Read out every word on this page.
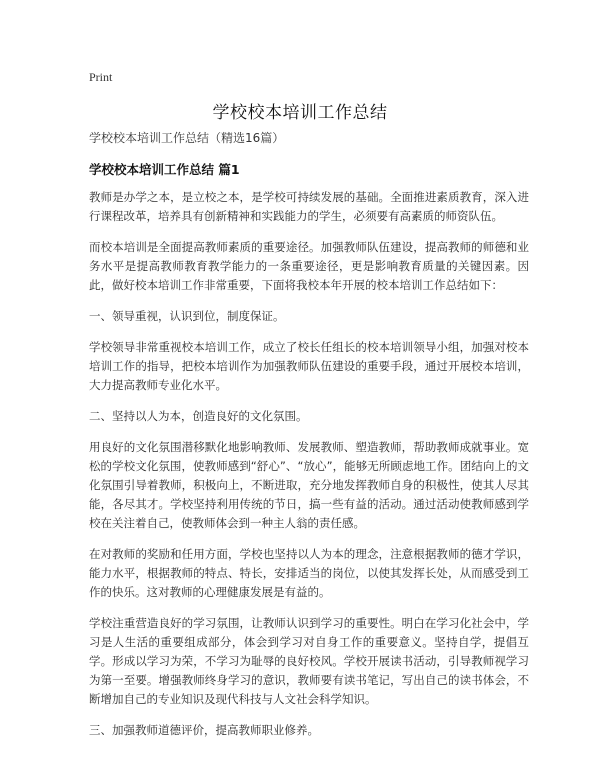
Print
学校校本培训工作总结

学校校本培训工作总结（精选16篇）

学校校本培训工作总结 篇1

教师是办学之本，是立校之本，是学校可持续发展的基础。全面推进素质教育，深入进行课程改革，培养具有创新精神和实践能力的学生，必须要有高素质的师资队伍。

而校本培训是全面提高教师素质的重要途径。加强教师队伍建设，提高教师的师德和业务水平是提高教师教育教学能力的一条重要途径，更是影响教育质量的关键因素。因此，做好校本培训工作非常重要，下面将我校本年开展的校本培训工作总结如下：

一、领导重视，认识到位，制度保证。

学校领导非常重视校本培训工作，成立了校长任组长的校本培训领导小组，加强对校本培训工作的指导，把校本培训作为加强教师队伍建设的重要手段，通过开展校本培训，大力提高教师专业化水平。

二、坚持以人为本，创造良好的文化氛围。

用良好的文化氛围潜移默化地影响教师、发展教师、塑造教师，帮助教师成就事业。宽松的学校文化氛围，使教师感到“舒心”、“放心”，能够无所顾虑地工作。团结向上的文化氛围引导着教师，积极向上，不断进取，充分地发挥教师自身的积极性，使其人尽其能，各尽其才。学校坚持利用传统的节日，搞一些有益的活动。通过活动使教师感到学校在关注着自己，使教师体会到一种主人翁的责任感。

在对教师的奖励和任用方面，学校也坚持以人为本的理念，注意根据教师的德才学识，能力水平，根据教师的特点、特长，安排适当的岗位，以使其发挥长处，从而感受到工作的快乐。这对教师的心理健康发展是有益的。

学校注重营造良好的学习氛围，让教师认识到学习的重要性。明白在学习化社会中，学习是人生活的重要组成部分，体会到学习对自身工作的重要意义。坚持自学，提倡互学。形成以学习为荣，不学习为耻辱的良好校风。学校开展读书活动，引导教师视学习为第一至要。增强教师终身学习的意识，教师要有读书笔记，写出自己的读书体会，不断增加自己的专业知识及现代科技与人文社会科学知识。

三、加强教师道德评价，提高教师职业修养。
